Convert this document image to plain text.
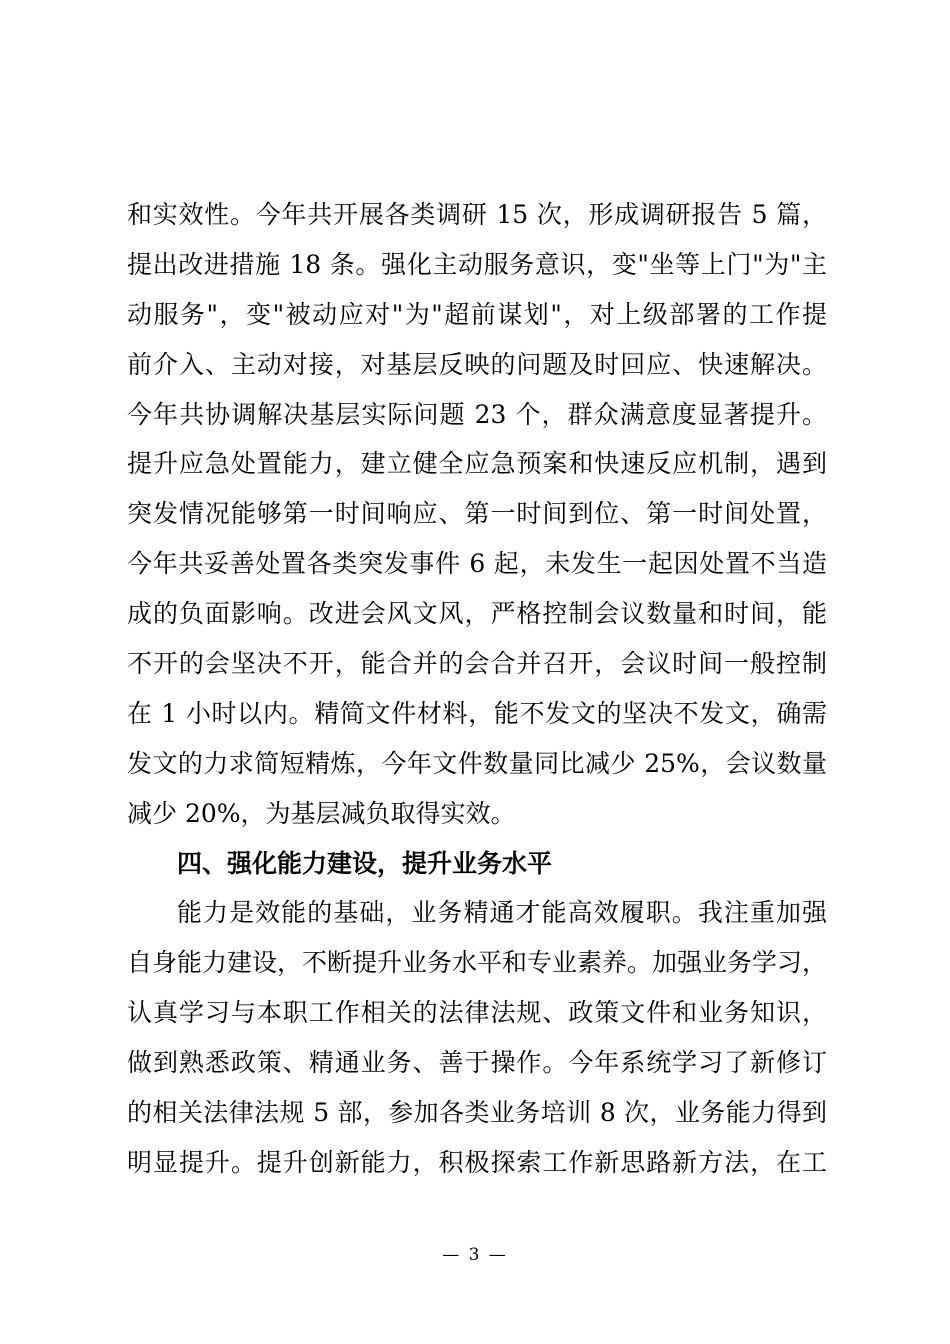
和实效性。今年共开展各类调研 15 次，形成调研报告 5 篇，
提出改进措施 18 条。强化主动服务意识，变"坐等上门"为"主
动服务"，变"被动应对"为"超前谋划"，对上级部署的工作提
前介入、主动对接，对基层反映的问题及时回应、快速解决。
今年共协调解决基层实际问题 23 个，群众满意度显著提升。
提升应急处置能力，建立健全应急预案和快速反应机制，遇到
突发情况能够第一时间响应、第一时间到位、第一时间处置，
今年共妥善处置各类突发事件 6 起，未发生一起因处置不当造
成的负面影响。改进会风文风，严格控制会议数量和时间，能
不开的会坚决不开，能合并的会合并召开，会议时间一般控制
在 1 小时以内。精简文件材料，能不发文的坚决不发文，确需
发文的力求简短精炼，今年文件数量同比减少 25%，会议数量
减少 20%，为基层减负取得实效。
四、强化能力建设，提升业务水平
能力是效能的基础，业务精通才能高效履职。我注重加强
自身能力建设，不断提升业务水平和专业素养。加强业务学习，
认真学习与本职工作相关的法律法规、政策文件和业务知识，
做到熟悉政策、精通业务、善于操作。今年系统学习了新修订
的相关法律法规 5 部，参加各类业务培训 8 次，业务能力得到
明显提升。提升创新能力，积极探索工作新思路新方法，在工
— 3 —
